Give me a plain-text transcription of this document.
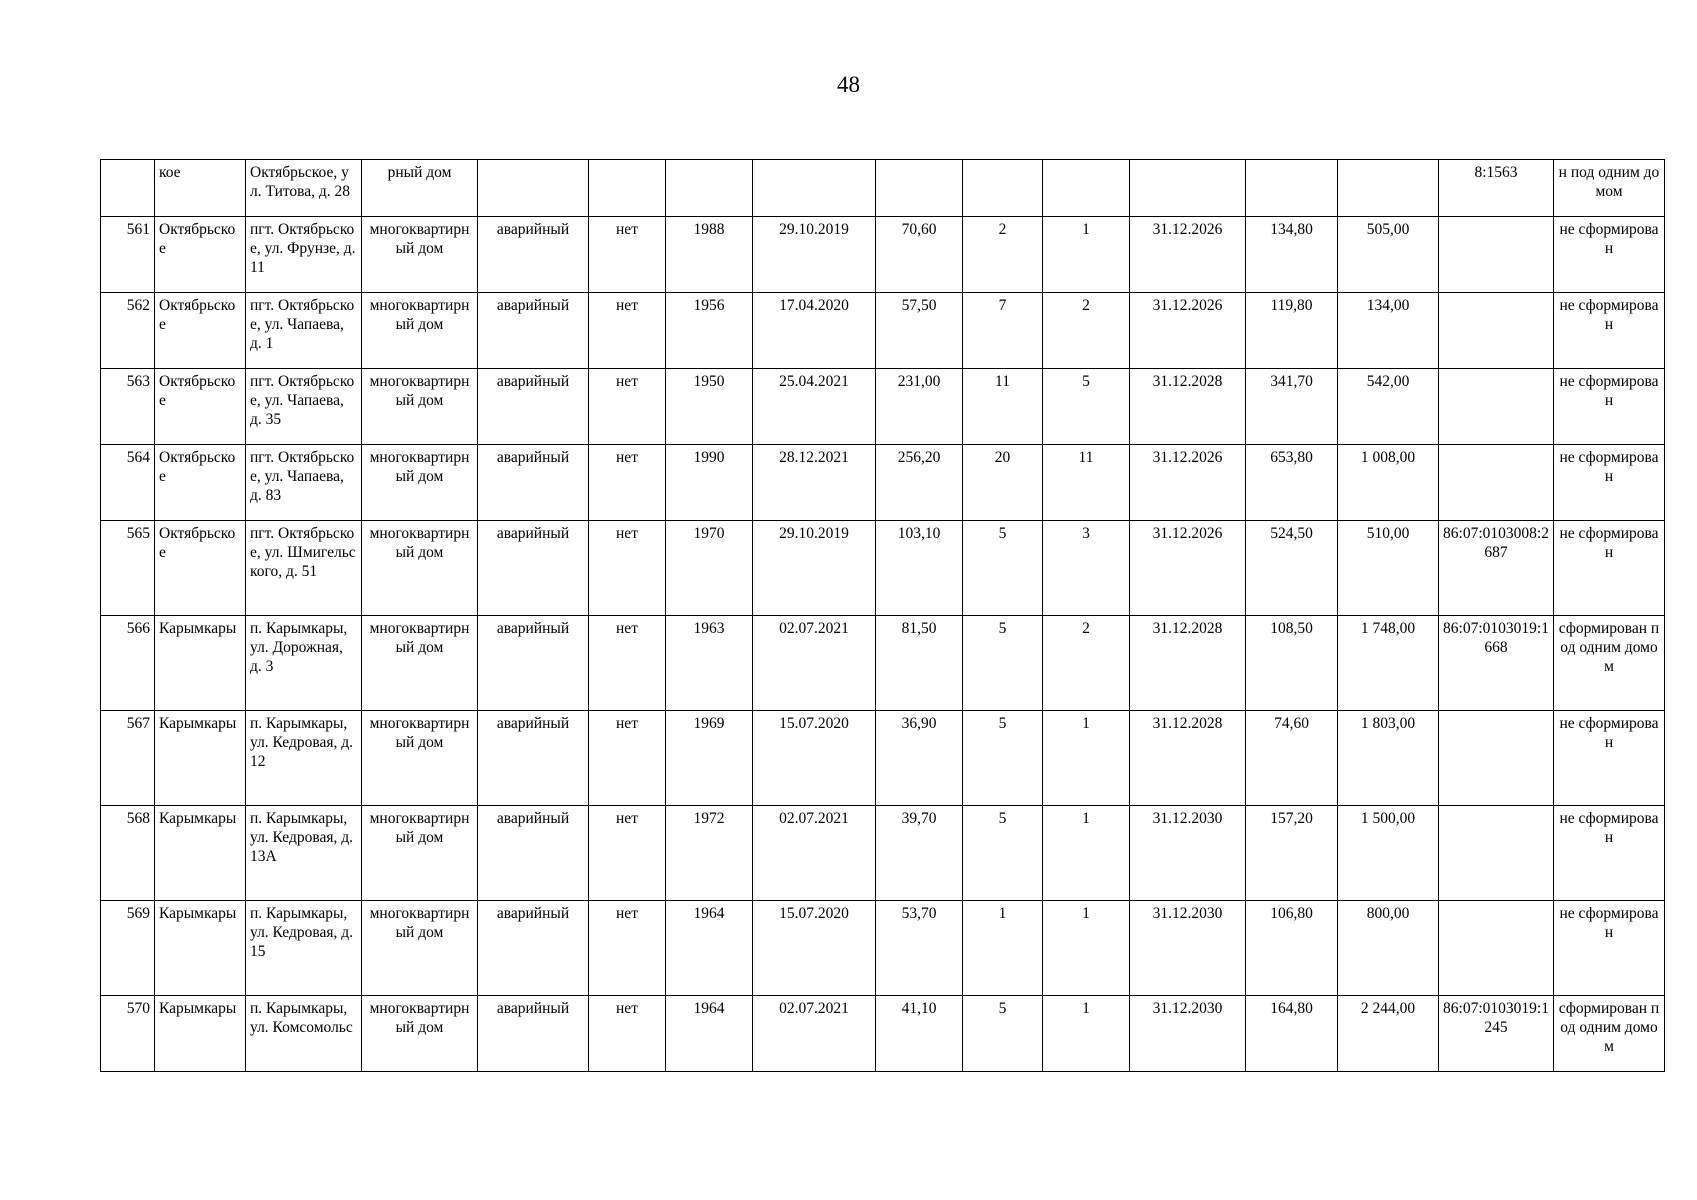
48
	кое	Октябрьское, ул. Титова, д. 28	рный дом											8:1563	н под одним домом
561	Октябрьское	пгт. Октябрьское, ул. Фрунзе, д. 11	многоквартирный дом	аварийный	нет	1988	29.10.2019	70,60	2	1	31.12.2026	134,80	505,00		не сформирован
562	Октябрьское	пгт. Октябрьское, ул. Чапаева, д. 1	многоквартирный дом	аварийный	нет	1956	17.04.2020	57,50	7	2	31.12.2026	119,80	134,00		не сформирован
563	Октябрьское	пгт. Октябрьское, ул. Чапаева, д. 35	многоквартирный дом	аварийный	нет	1950	25.04.2021	231,00	11	5	31.12.2028	341,70	542,00		не сформирован
564	Октябрьское	пгт. Октябрьское, ул. Чапаева, д. 83	многоквартирный дом	аварийный	нет	1990	28.12.2021	256,20	20	11	31.12.2026	653,80	1 008,00		не сформирован
565	Октябрьское	пгт. Октябрьское, ул. Шмигельского, д. 51	многоквартирный дом	аварийный	нет	1970	29.10.2019	103,10	5	3	31.12.2026	524,50	510,00	86:07:0103008:2687	не сформирован
566	Карымкары	п. Карымкары, ул. Дорожная, д. 3	многоквартирный дом	аварийный	нет	1963	02.07.2021	81,50	5	2	31.12.2028	108,50	1 748,00	86:07:0103019:1668	сформирован под одним домом
567	Карымкары	п. Карымкары, ул. Кедровая, д. 12	многоквартирный дом	аварийный	нет	1969	15.07.2020	36,90	5	1	31.12.2028	74,60	1 803,00		не сформирован
568	Карымкары	п. Карымкары, ул. Кедровая, д. 13А	многоквартирный дом	аварийный	нет	1972	02.07.2021	39,70	5	1	31.12.2030	157,20	1 500,00		не сформирован
569	Карымкары	п. Карымкары, ул. Кедровая, д. 15	многоквартирный дом	аварийный	нет	1964	15.07.2020	53,70	1	1	31.12.2030	106,80	800,00		не сформирован
570	Карымкары	п. Карымкары, ул. Комсомольс	многоквартирный дом	аварийный	нет	1964	02.07.2021	41,10	5	1	31.12.2030	164,80	2 244,00	86:07:0103019:1245	сформирован под одним домом
